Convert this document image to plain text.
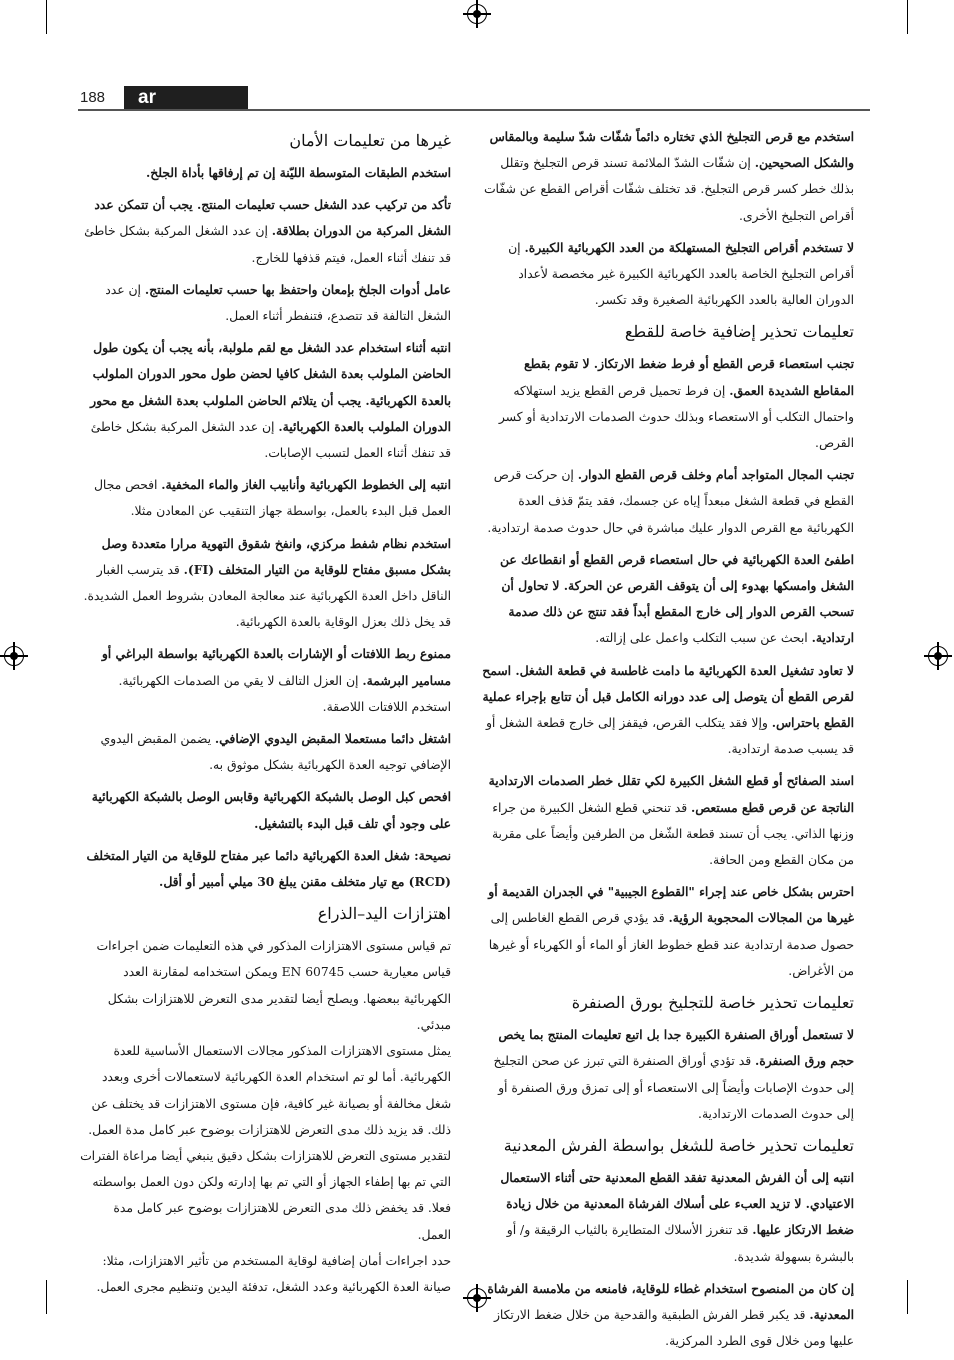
188	ar

استخدم مع قرص التجليخ الذي تختاره دائماً شفّات شدّ سليمة وبالمقاس والشكل الصحيحين. إن شفّات الشدّ الملائمة تسند قرص التجليخ وتقلل بذلك خطر كسر قرص التجليخ. قد تختلف شفّات أقراص القطع عن شفّات أقراص التجليخ الأخرى.

لا تستخدم أقراص التجليخ المستهلكة من العدد الكهربائية الكبيرة. إن أقراص التجليخ الخاصة بالعدد الكهربائية الكبيرة غير مخصصة لأعداد الدوران العالية بالعدد الكهربائية الصغيرة وقد تكسر.

تعليمات تحذير إضافية خاصة للقطع

تجنب استعصاء قرص القطع أو فرط ضغط الارتكاز. لا تقوم بقطع المقاطع الشديدة العمق. إن فرط تحميل قرص القطع يزيد استهلاكه واحتمال التكلب أو الاستعصاء وبذلك حدوث الصدمات الارتدادية أو كسر القرص.

تجنب المجال المتواجد أمام وخلف قرص القطع الدوار. إن حركت قرص القطع في قطعة الشغل مبعداً إياه عن جسمك، فقد يتمّ قذف العدة الكهربائية مع القرص الدوار عليك مباشرة في حال حدوث صدمة ارتدادية.

اطفئ العدة الكهربائية في حال استعصاء قرص القطع أو انقطاعك عن الشغل وامسكها بهدوء إلى أن يتوقف القرص عن الحركة. لا تحاول أن تسحب القرص الدوار إلى خارج المقطع أبداً فقد تنتج عن ذلك صدمة ارتدادية. ابحث عن سبب التكلب واعمل على إزالته.

لا تعاود تشغيل العدة الكهربائية ما دامت غاطسة في قطعة الشغل. اسمح لقرص القطع أن يتوصل إلى عدد دورانه الكامل قبل أن تتابع بإجراء عملية القطع باحتراس. وإلا فقد يتكلب القرص، فيقفز إلى خارج قطعة الشغل أو قد يسبب صدمة ارتدادية.

اسند الصفائح أو قطع الشغل الكبيرة لكي تقلل خطر الصدمات الارتدادية الناتجة عن قرص قطع مستعص. قد تنحني قطع الشغل الكبيرة من جراء وزنها الذاتي. يجب أن تسند قطعة الشّغل من الطرفين وأيضاً على مقربة من مكان القطع ومن الحافة.

احترس بشكل خاص عند إجراء "القطوع الجيبية" في الجدران القديمة أو غيرها من المجالات المحجوبة الرؤية. قد يؤدي قرص القطع الغاطس إلى حصول صدمة ارتدادية عند قطع خطوط الغاز أو الماء أو الكهرباء أو غيرها من الأغراض.

تعليمات تحذير خاصة للتجليخ بورق الصنفرة

لا تستعمل أوراق الصنفرة الكبيرة جدا بل اتبع تعليمات المنتج بما يخص حجم ورق الصنفرة. قد تؤدي أوراق الصنفرة التي تبرز عن صحن التجليخ إلى حدوث الإصابات وأيضاً إلى الاستعصاء أو إلى تمزق ورق الصنفرة أو إلى حدوث الصدمات الارتدادية.

تعليمات تحذير خاصة للشغل بواسطة الفرش المعدنية

انتبه إلى أن الفرش المعدنية تفقد القطع المعدنية حتى أثناء الاستعمال الاعتيادي. لا تزيد العبء على أسلاك الفرشاة المعدنية من خلال زيادة ضغط الارتكاز عليها. قد تنغرز الأسلاك المتطايرة بالثياب الرقيقة و/ أو بالبشرة بسهولة شديدة.

إن كان من المنصوح استخدام غطاء للوقاية، فامنعه من ملامسة الفرشاة المعدنية. قد يكبر قطر الفرش الطبقية والقدحية من خلال ضغط الارتكاز عليها ومن خلال قوى الطرد المركزية.

غيرها من تعليمات الأمان

استخدم الطبقات المتوسطة الليّنة إن تم إرفاقها بأداة الجلخ.

تأكد من تركيب عدد الشغل حسب تعليمات المنتج. يجب أن تتمكن عدد الشغل المركبة من الدوران بطلاقة. إن عدد الشغل المركبة بشكل خاطئ قد تنفك أثناء العمل، فيتم قذفها للخارج.

عامل أدوات الجلخ بإمعان واحتفظ بها حسب تعليمات المنتج. إن عدد الشغل التالفة قد تتصدع، فتنفطر أثناء العمل.

انتبه أثناء استخدام عدد الشغل مع لقم ملولبة، بأنه يجب أن يكون طول الحاضن الملولب بعدة الشغل كافيا لحضن طول محور الدوران الملولب بالعدة الكهربائية. يجب أن يتلائم الحاضن الملولب بعدة الشغل مع محور الدوران الملولب بالعدة الكهربائية. إن عدد الشغل المركبة بشكل خاطئ قد تنفك أثناء العمل لتسبب الإصابات.

انتبه إلى الخطوط الكهربائية وأنابيب الغاز والماء المخفية. افحص مجال العمل قبل البدء بالعمل، بواسطة جهاز التنقيب عن المعادن مثلا.

استخدم نظام شفط مركزي، وانفخ شقوق التهوية مرارا متعددة وصل بشكل مسبق مفتاح للوقاية من التيار المتخلف (FI). قد يترسب الغبار الناقل داخل العدة الكهربائية عند معالجة المعادن بشروط العمل الشديدة. قد يخل ذلك بعزل الوقاية بالعدة الكهربائية.

ممنوع ربط اللافتات أو الإشارات بالعدة الكهربائية بواسطة البراغي أو مسامير البرشمة. إن العزل التالف لا يقي من الصدمات الكهربائية. استخدم اللافتات اللاصقة.

اشتغل دائما مستعملا المقبض اليدوي الإضافي. يضمن المقبض اليدوي الإضافي توجيه العدة الكهربائية بشكل موثوق به.

افحص كبل الوصل بالشبكة الكهربائية وقابس الوصل بالشبكة الكهربائية على وجود أي تلف قبل البدء بالتشغيل.

نصيحة: شغل العدة الكهربائية دائما عبر مفتاح للوقاية من التيار المتخلف (RCD) مع تيار متخلف مقنن يبلغ 30 ميلي أمبير أو أقل.

اهتزازات اليد–الذراع

تم قياس مستوى الاهتزازات المذكور في هذه التعليمات ضمن اجراءات قياس معيارية حسب EN 60745 ويمكن استخدامه لمقارنة العدد الكهربائية ببعضها. ويصلح أيضا لتقدير مدى التعرض للاهتزازات بشكل مبدئي.

يمثل مستوى الاهتزازات المذكور مجالات الاستعمال الأساسية للعدة الكهربائية. أما لو تم استخدام العدة الكهربائية لاستعمالات أخرى وبعدد شغل مخالفة أو بصيانة غير كافية، فإن مستوى الاهتزازات قد يختلف عن ذلك. قد يزيد ذلك مدى التعرض للاهتزازات بوضوح عبر كامل مدة العمل.

لتقدير مستوى التعرض للاهتزازات بشكل دقيق ينبغي أيضا مراعاة الفترات التي تم بها إطفاء الجهاز أو التي تم بها إدارته ولكن دون العمل بواسطته فعلا. قد يخفض ذلك مدى التعرض للاهتزازات بوضوح عبر كامل مدة العمل.

حدد اجراءات أمان إضافية لوقاية المستخدم من تأثير الاهتزازات، مثلا: صيانة العدة الكهربائية وعدد الشغل، تدفئة اليدين وتنظيم مجرى العمل.
